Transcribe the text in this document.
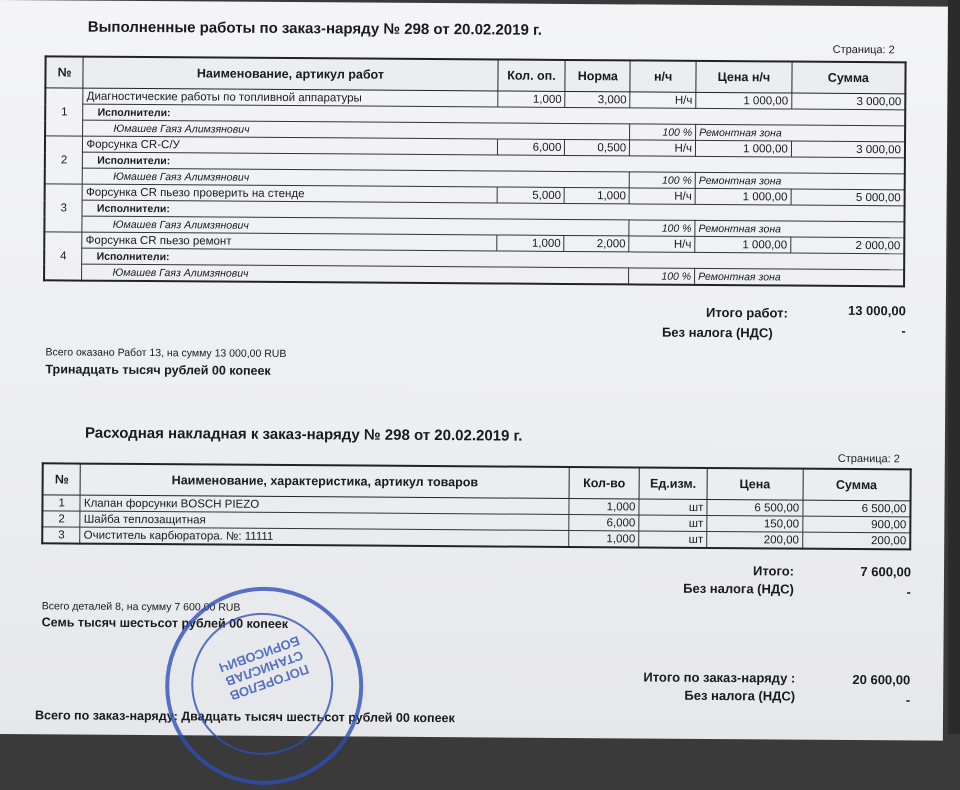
Выполненные работы по заказ-наряду № 298 от 20.02.2019 г.
Страница: 2
№	Наименование, артикул работ	Кол. оп.	Норма	н/ч	Цена н/ч	Сумма
1	Диагностические работы по топливной аппаратуры	1,000	3,000	Н/ч	1 000,00	3 000,00
	Исполнители:					
	Юмашев Гаяз Алимзянович			100 %	Ремонтная зона	
2	Форсунка CR-С/У	6,000	0,500	Н/ч	1 000,00	3 000,00
	Исполнители:					
	Юмашев Гаяз Алимзянович			100 %	Ремонтная зона	
3	Форсунка CR пьезо проверить на стенде	5,000	1,000	Н/ч	1 000,00	5 000,00
	Исполнители:					
	Юмашев Гаяз Алимзянович			100 %	Ремонтная зона	
4	Форсунка CR пьезо ремонт	1,000	2,000	Н/ч	1 000,00	2 000,00
	Исполнители:					
	Юмашев Гаяз Алимзянович			100 %	Ремонтная зона	
Итого работ:	13 000,00
Без налога (НДС)	-
Всего оказано Работ 13, на сумму 13 000,00 RUB
Тринадцать тысяч рублей 00 копеек
Расходная накладная к заказ-наряду № 298 от 20.02.2019 г.
Страница: 2
№	Наименование, характеристика, артикул товаров	Кол-во	Ед.изм.	Цена	Сумма
1	Клапан форсунки BOSCH PIEZO	1,000	шт	6 500,00	6 500,00
2	Шайба теплозащитная	6,000	шт	150,00	900,00
3	Очиститель карбюратора. №: 11111	1,000	шт	200,00	200,00
Итого:	7 600,00
Без налога (НДС)	-
Всего деталей 8, на сумму 7 600,00 RUB
Семь тысяч шестьсот рублей 00 копеек
Итого по заказ-наряду :	20 600,00
Без налога (НДС)	-
Всего по заказ-наряду: Двадцать тысяч шестьсот рублей 00 копеек
ПОГОРЕЛОВ СТАНИСЛАВ БОРИСОВИЧ
